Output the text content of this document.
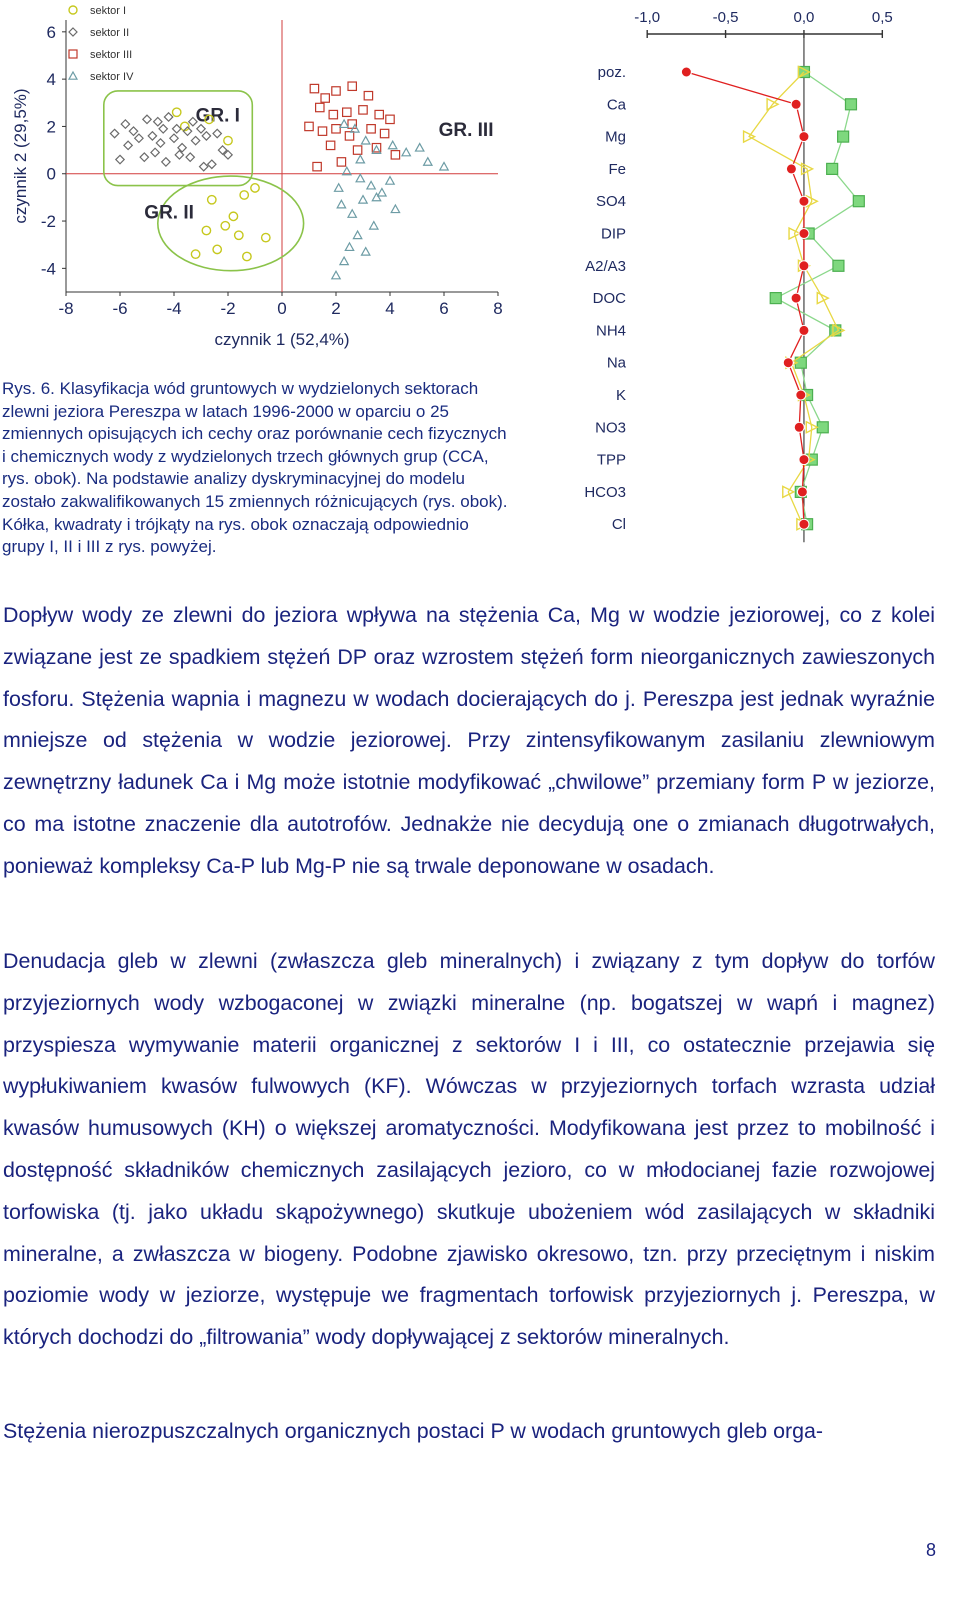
-8 -6 -4 -2 0	2	4	6	8
6
4
2
0
-2
-4
czynnik 1 (52,4%)
czynnik 2 (29,5%)	GR. I
GR. II
GR. III
sektor I
sektor II
sektor III
sektor IV
-1,0	-0,5	0,0	0,5
poz.
Ca
Mg
Fe
SO4
DIP
A2/A3
DOC
NH4
Na
K
NO3
TPP
HCO3
Cl
Rys. 6. Klasyfikacja wód gruntowych w wydzielonych sektorach zlewni jeziora Pereszpa w latach 1996-2000 w oparciu o 25 zmiennych opisujących ich cechy oraz porównanie cech fizycznych i chemicznych wody z wydzielonych trzech głównych grup (CCA, rys. obok). Na podstawie analizy dyskryminacyjnej do modelu zostało zakwalifikowanych 15 zmiennych różnicujących (rys. obok). Kółka, kwadraty i trójkąty na rys. obok oznaczają odpowiednio grupy I, II i III z rys. powyżej.
Dopływ wody ze zlewni do jeziora wpływa na stężenia Ca, Mg w wodzie jeziorowej, co z kolei związane jest ze spadkiem stężeń DP oraz wzrostem stężeń form nieorganicznych zawieszonych fosforu. Stężenia wapnia i magnezu w wodach docierających do j. Pereszpa jest jednak wyraźnie mniejsze od stężenia w wodzie jeziorowej. Przy zintensyfikowanym zasilaniu zlewniowym zewnętrzny ładunek Ca i Mg może istotnie modyfikować „chwilowe” przemiany form P w jeziorze, co ma istotne znaczenie dla autotrofów. Jednakże nie decydują one o zmianach długotrwałych, ponieważ kompleksy Ca-P lub Mg-P nie są trwale deponowane w osadach.
Denudacja gleb w zlewni (zwłaszcza gleb mineralnych) i związany z tym dopływ do torfów przyjeziornych wody wzbogaconej w związki mineralne (np. bogatszej w wapń i magnez) przyspiesza wymywanie materii organicznej z sektorów I i III, co ostatecznie przejawia się wypłukiwaniem kwasów fulwowych (KF). Wówczas w przyjeziornych torfach wzrasta udział kwasów humusowych (KH) o większej aromatyczności. Modyfikowana jest przez to mobilność i dostępność składników chemicznych zasilających jezioro, co w młodocianej fazie rozwojowej torfowiska (tj. jako układu skąpożywnego) skutkuje ubożeniem wód zasilających w składniki mineralne, a zwłaszcza w biogeny. Podobne zjawisko okresowo, tzn. przy przeciętnym i niskim poziomie wody w jeziorze, występuje we fragmentach torfowisk przyjeziornych j. Pereszpa, w których dochodzi do „filtrowania” wody dopływającej z sektorów mineralnych.
Stężenia nierozpuszczalnych organicznych postaci P w wodach gruntowych gleb orga-
8
